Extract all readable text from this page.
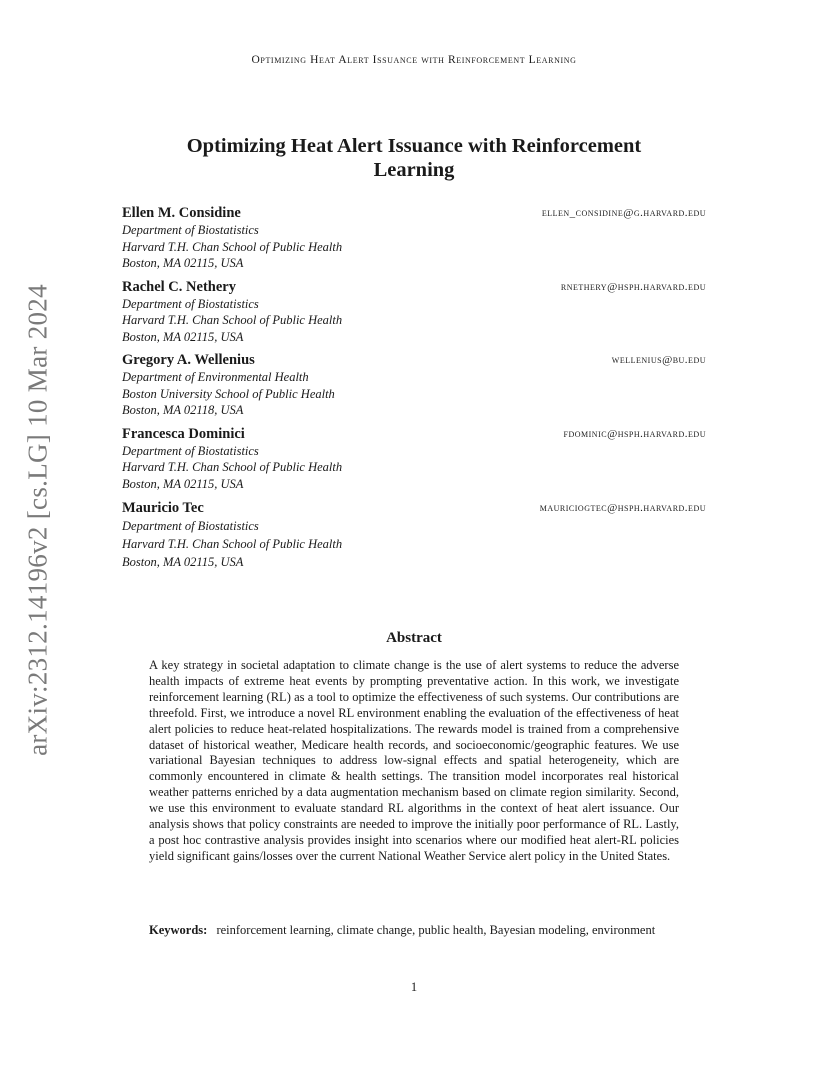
Optimizing Heat Alert Issuance with Reinforcement Learning
arXiv:2312.14196v2 [cs.LG] 10 Mar 2024
Optimizing Heat Alert Issuance with Reinforcement Learning
Ellen M. Considine	ellen_considine@g.harvard.edu
Department of Biostatistics
Harvard T.H. Chan School of Public Health
Boston, MA 02115, USA
Rachel C. Nethery	rnethery@hsph.harvard.edu
Department of Biostatistics
Harvard T.H. Chan School of Public Health
Boston, MA 02115, USA
Gregory A. Wellenius	wellenius@bu.edu
Department of Environmental Health
Boston University School of Public Health
Boston, MA 02118, USA
Francesca Dominici	fdominic@hsph.harvard.edu
Department of Biostatistics
Harvard T.H. Chan School of Public Health
Boston, MA 02115, USA
Mauricio Tec	mauriciogtec@hsph.harvard.edu
Department of Biostatistics
Harvard T.H. Chan School of Public Health
Boston, MA 02115, USA
Abstract
A key strategy in societal adaptation to climate change is the use of alert systems to reduce the adverse health impacts of extreme heat events by prompting preventative action. In this work, we investigate reinforcement learning (RL) as a tool to optimize the effectiveness of such systems. Our contributions are threefold. First, we introduce a novel RL environment enabling the evaluation of the effectiveness of heat alert policies to reduce heat-related hospitalizations. The rewards model is trained from a comprehensive dataset of historical weather, Medicare health records, and socioeconomic/geographic features. We use variational Bayesian techniques to address low-signal effects and spatial heterogeneity, which are commonly encountered in climate & health settings. The transition model incorporates real historical weather patterns enriched by a data augmentation mechanism based on climate region similarity. Second, we use this environment to evaluate standard RL algorithms in the context of heat alert issuance. Our analysis shows that policy constraints are needed to improve the initially poor performance of RL. Lastly, a post hoc contrastive analysis provides insight into scenarios where our modified heat alert-RL policies yield significant gains/losses over the current National Weather Service alert policy in the United States.
Keywords: reinforcement learning, climate change, public health, Bayesian modeling, environment
1
